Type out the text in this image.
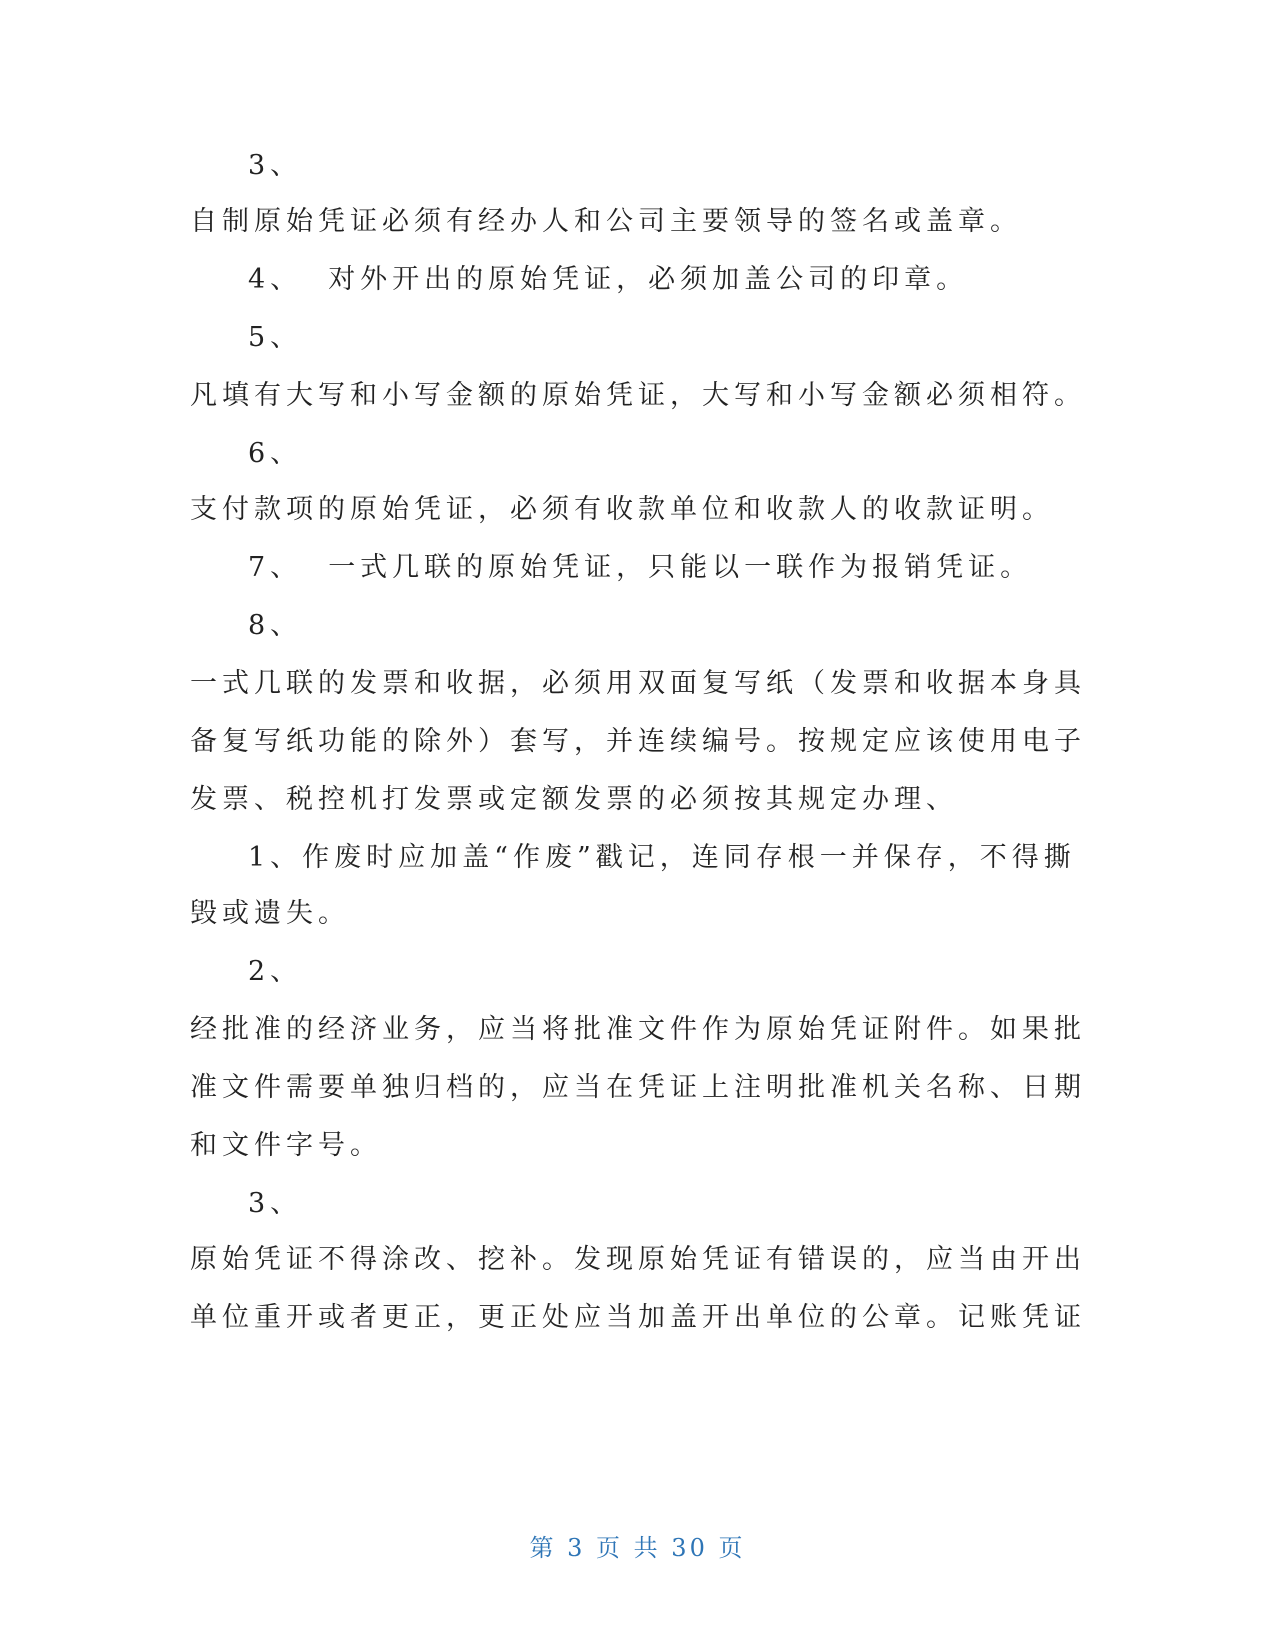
3、
自制原始凭证必须有经办人和公司主要领导的签名或盖章。
4、 对外开出的原始凭证，必须加盖公司的印章。
5、
凡填有大写和小写金额的原始凭证，大写和小写金额必须相符。
6、
支付款项的原始凭证，必须有收款单位和收款人的收款证明。
7、 一式几联的原始凭证，只能以一联作为报销凭证。
8、
一式几联的发票和收据，必须用双面复写纸（发票和收据本身具
备复写纸功能的除外）套写，并连续编号。按规定应该使用电子
发票、税控机打发票或定额发票的必须按其规定办理、
1、作废时应加盖“作废”戳记，连同存根一并保存，不得撕
毁或遗失。
2、
经批准的经济业务，应当将批准文件作为原始凭证附件。如果批
准文件需要单独归档的，应当在凭证上注明批准机关名称、日期
和文件字号。
3、
原始凭证不得涂改、挖补。发现原始凭证有错误的，应当由开出
单位重开或者更正，更正处应当加盖开出单位的公章。记账凭证
第 3 页 共 30 页
